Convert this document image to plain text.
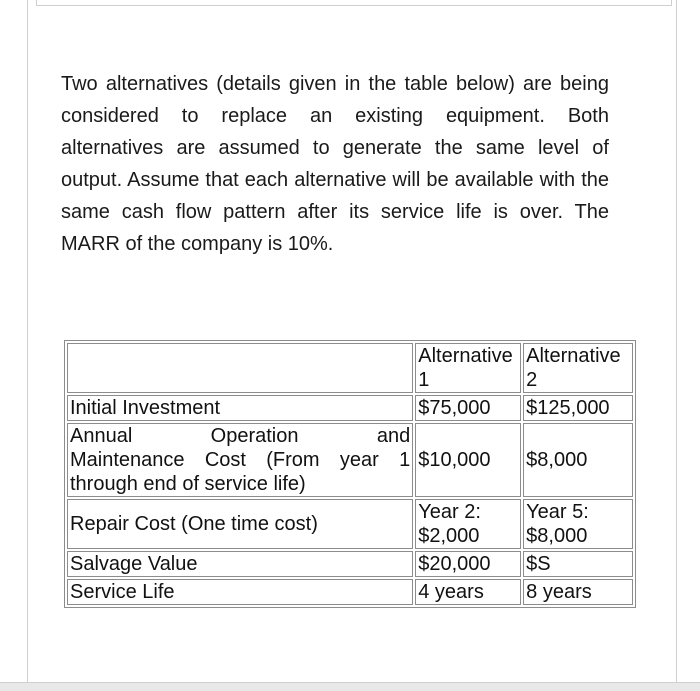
Two alternatives (details given in the table below) are being considered to replace an existing equipment. Both alternatives are assumed to generate the same level of output. Assume that each alternative will be available with the same cash flow pattern after its service life is over. The MARR of the company is 10%.

	Alternative 1	Alternative 2
Initial Investment	$75,000	$125,000

Annual Operation and
Maintenance Cost (From year 1
through end of service life)	$10,000	$8,000
Repair Cost (One time cost)	Year 2: $2,000	Year 5: $8,000
Salvage Value	$20,000	$S
Service Life	4 years	8 years
